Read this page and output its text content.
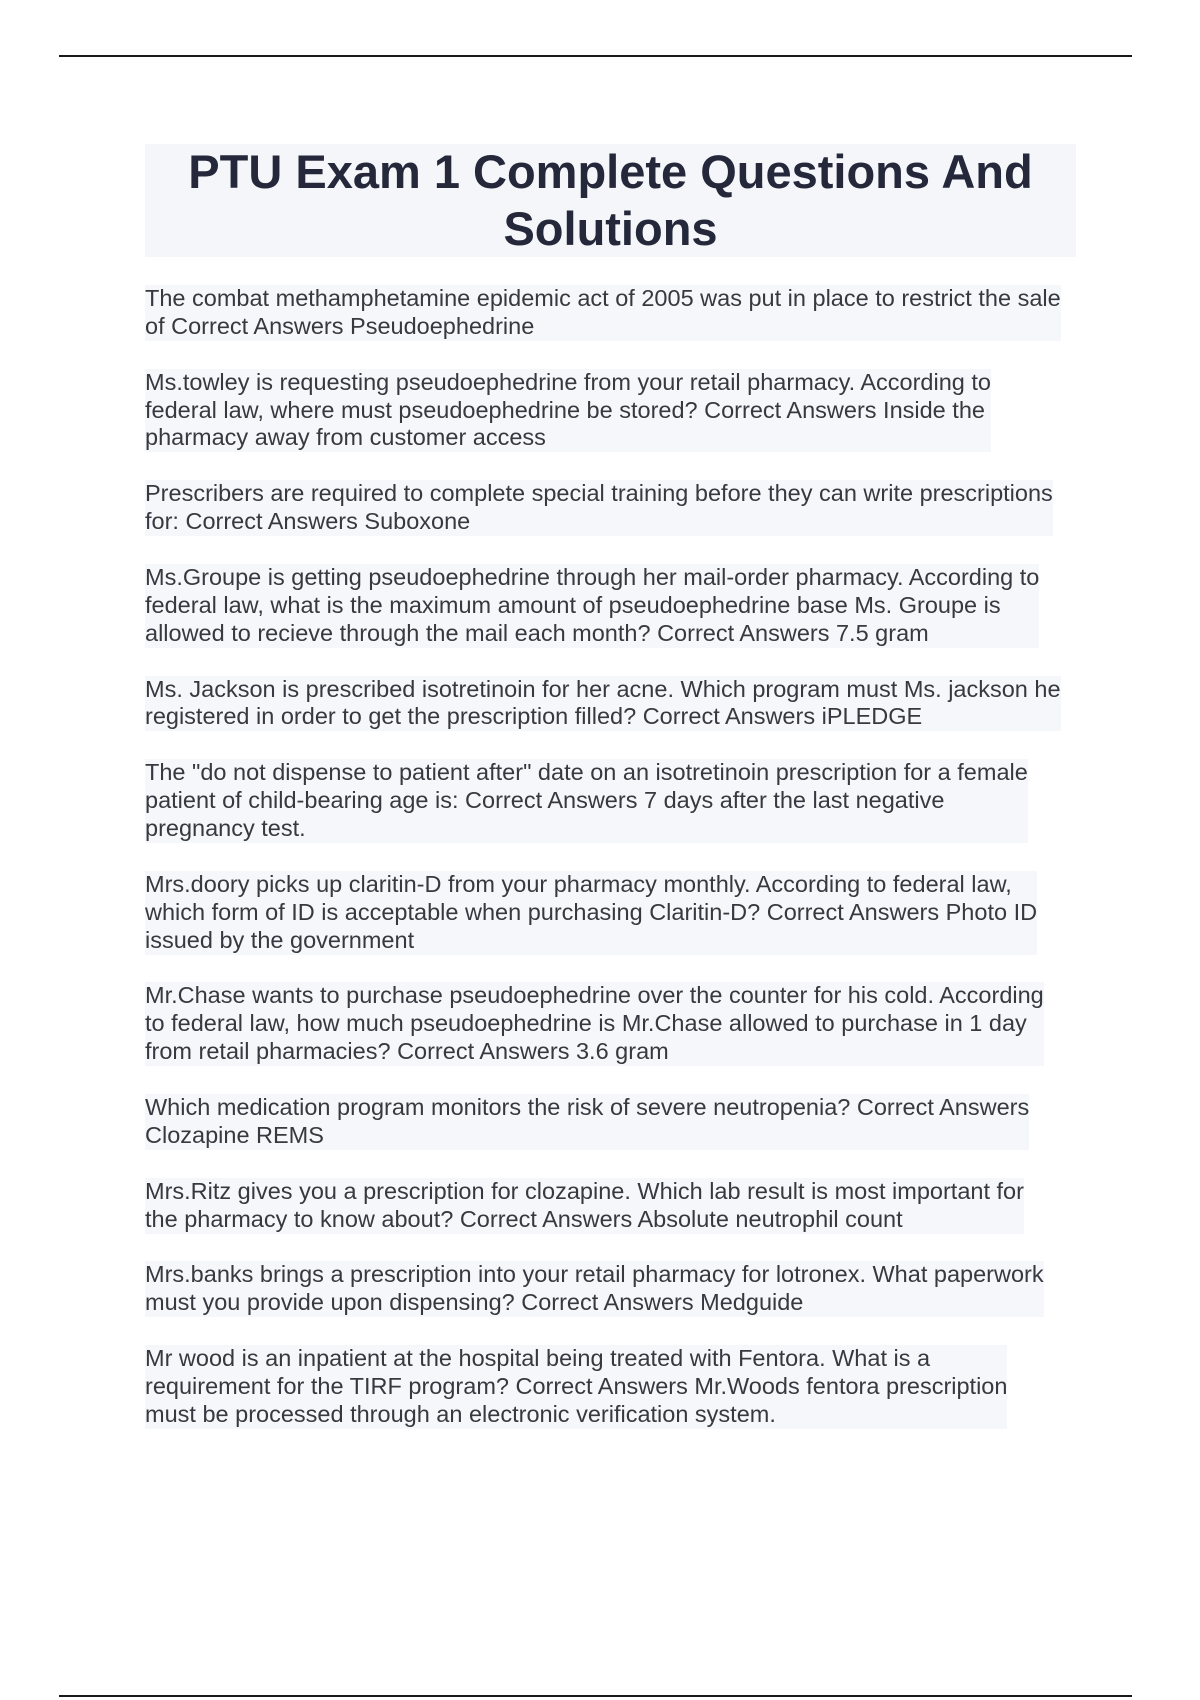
PTU Exam 1 Complete Questions And Solutions
The combat methamphetamine epidemic act of 2005 was put in place to restrict the sale
of Correct Answers Pseudoephedrine
Ms.towley is requesting pseudoephedrine from your retail pharmacy. According to
federal law, where must pseudoephedrine be stored? Correct Answers Inside the
pharmacy away from customer access
Prescribers are required to complete special training before they can write prescriptions
for: Correct Answers Suboxone
Ms.Groupe is getting pseudoephedrine through her mail-order pharmacy. According to
federal law, what is the maximum amount of pseudoephedrine base Ms. Groupe is
allowed to recieve through the mail each month? Correct Answers 7.5 gram
Ms. Jackson is prescribed isotretinoin for her acne. Which program must Ms. jackson he
registered in order to get the prescription filled? Correct Answers iPLEDGE
The "do not dispense to patient after" date on an isotretinoin prescription for a female
patient of child-bearing age is: Correct Answers 7 days after the last negative
pregnancy test.
Mrs.doory picks up claritin-D from your pharmacy monthly. According to federal law,
which form of ID is acceptable when purchasing Claritin-D? Correct Answers Photo ID
issued by the government
Mr.Chase wants to purchase pseudoephedrine over the counter for his cold. According
to federal law, how much pseudoephedrine is Mr.Chase allowed to purchase in 1 day
from retail pharmacies? Correct Answers 3.6 gram
Which medication program monitors the risk of severe neutropenia? Correct Answers
Clozapine REMS
Mrs.Ritz gives you a prescription for clozapine. Which lab result is most important for
the pharmacy to know about? Correct Answers Absolute neutrophil count
Mrs.banks brings a prescription into your retail pharmacy for lotronex. What paperwork
must you provide upon dispensing? Correct Answers Medguide
Mr wood is an inpatient at the hospital being treated with Fentora. What is a
requirement for the TIRF program? Correct Answers Mr.Woods fentora prescription
must be processed through an electronic verification system.
